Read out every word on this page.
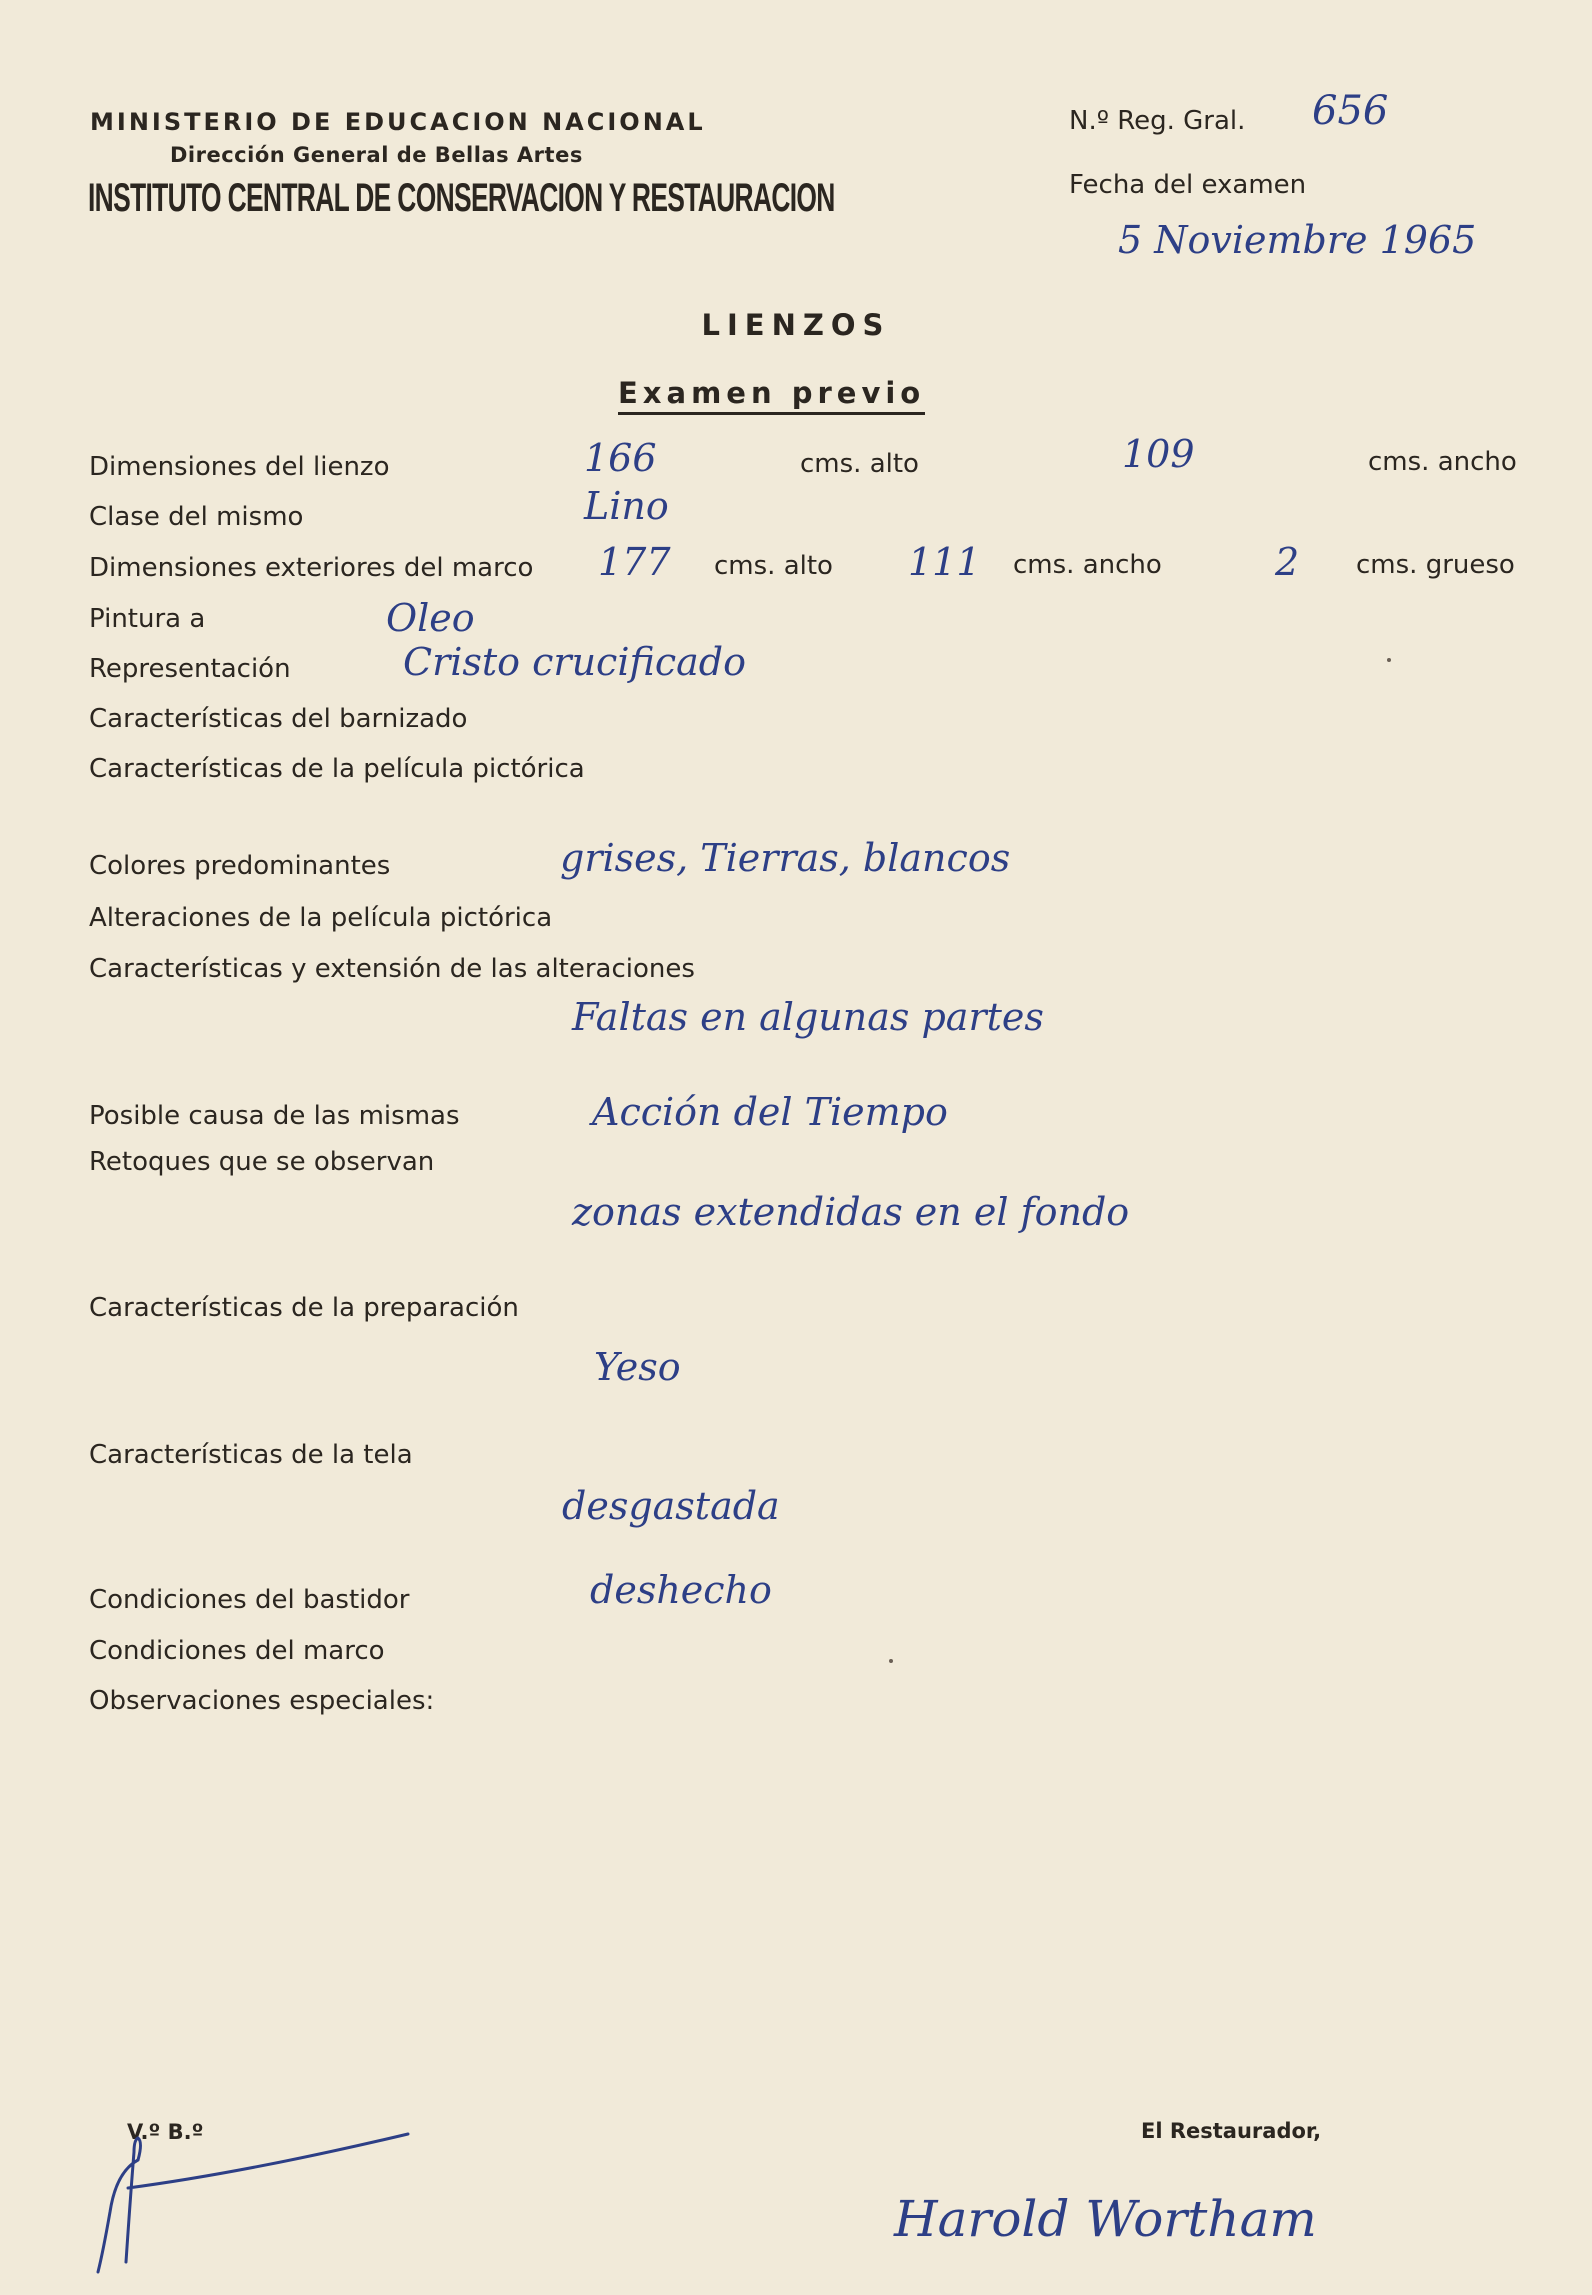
MINISTERIO DE EDUCACION NACIONAL
Dirección General de Bellas Artes
INSTITUTO CENTRAL DE CONSERVACION Y RESTAURACION
N.º Reg. Gral. 656
Fecha del examen
5 Noviembre 1965
LIENZOS
Examen previo
Dimensiones del lienzo	166	cms. alto	109	cms. ancho
Clase del mismo	Lino
Dimensiones exteriores del marco 177 cms. alto 111 cms. ancho	2 cms. grueso
Pintura a	Oleo
Representación	Cristo crucificado
Características del barnizado
Características de la película pictórica
Colores predominantes	grises, Tierras, blancos
Alteraciones de la película pictórica
Características y extensión de las alteraciones
Faltas en algunas partes
Posible causa de las mismas	Acción del Tiempo
Retoques que se observan
zonas extendidas en el fondo
Características de la preparación
Yeso
Características de la tela
desgastada
Condiciones del bastidor	deshecho
Condiciones del marco
Observaciones especiales:
V.º B.º	El Restaurador,
Harold Wortham
